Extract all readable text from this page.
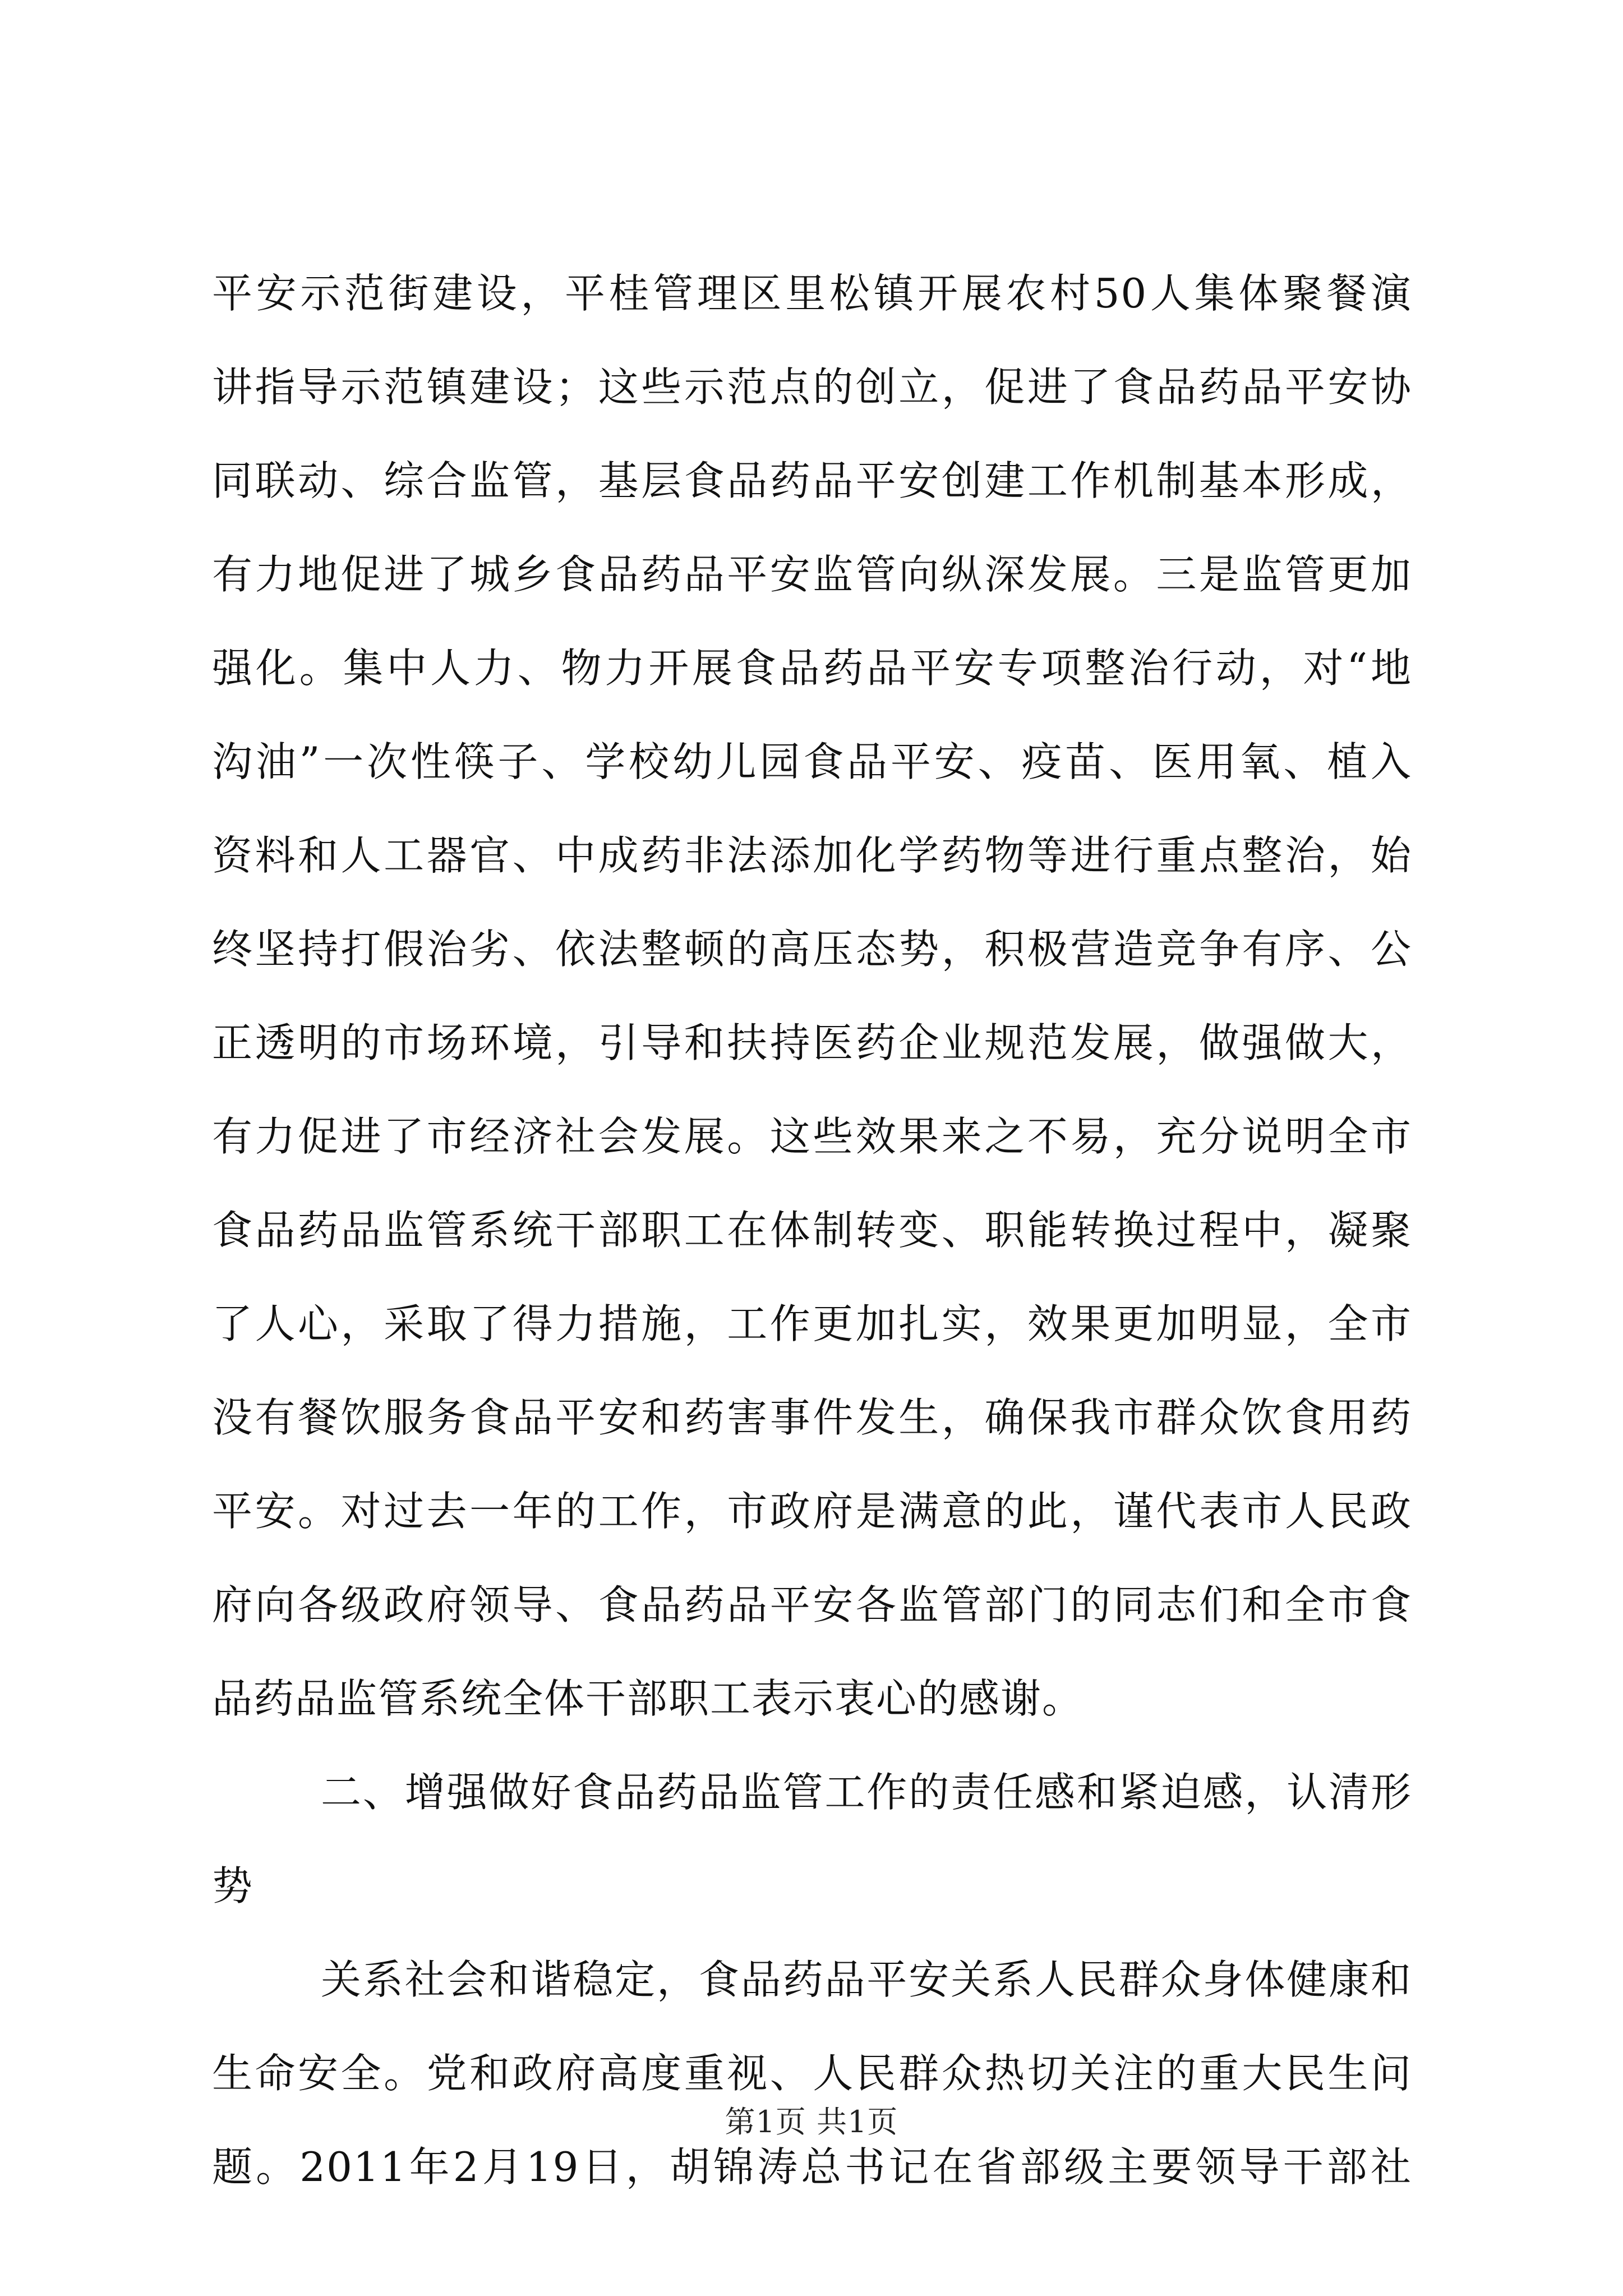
平安示范街建设，平桂管理区里松镇开展农村50人集体聚餐演
讲指导示范镇建设；这些示范点的创立，促进了食品药品平安协
同联动、综合监管，基层食品药品平安创建工作机制基本形成，
有力地促进了城乡食品药品平安监管向纵深发展。三是监管更加
强化。集中人力、物力开展食品药品平安专项整治行动，对“地
沟油”一次性筷子、学校幼儿园食品平安、疫苗、医用氧、植入
资料和人工器官、中成药非法添加化学药物等进行重点整治，始
终坚持打假治劣、依法整顿的高压态势，积极营造竞争有序、公
正透明的市场环境，引导和扶持医药企业规范发展，做强做大，
有力促进了市经济社会发展。这些效果来之不易，充分说明全市
食品药品监管系统干部职工在体制转变、职能转换过程中，凝聚
了人心，采取了得力措施，工作更加扎实，效果更加明显，全市
没有餐饮服务食品平安和药害事件发生，确保我市群众饮食用药
平安。对过去一年的工作，市政府是满意的此，谨代表市人民政
府向各级政府领导、食品药品平安各监管部门的同志们和全市食
品药品监管系统全体干部职工表示衷心的感谢。
二、增强做好食品药品监管工作的责任感和紧迫感，认清形
势
关系社会和谐稳定，食品药品平安关系人民群众身体健康和
生命安全。党和政府高度重视、人民群众热切关注的重大民生问
题。2011年2月19日，胡锦涛总书记在省部级主要领导干部社
第1页 共1页
